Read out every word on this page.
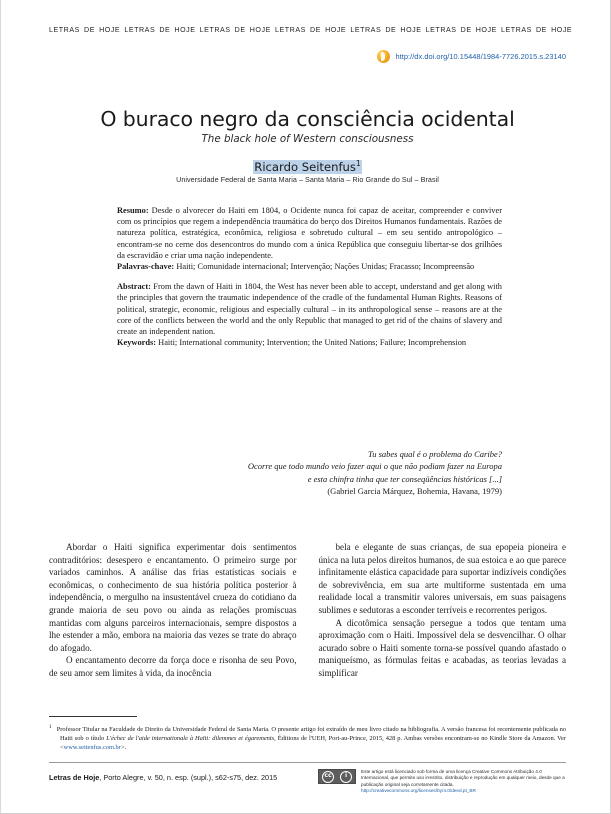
LETRAS DE HOJE LETRAS DE HOJE LETRAS DE HOJE LETRAS DE HOJE LETRAS DE HOJE LETRAS DE HOJE LETRAS DE HOJE
http://dx.doi.org/10.15448/1984-7726.2015.s.23140
O buraco negro da consciência ocidental
The black hole of Western consciousness
Ricardo Seitenfus$^1$
Universidade Federal de Santa Maria – Santa Maria – Rio Grande do Sul – Brasil

Resumo: Desde o alvorecer do Haiti em 1804, o Ocidente nunca foi capaz de aceitar, compreender e conviver com os princípios que regem a independência traumática do berço dos Direitos Humanos fundamentais. Razões de natureza política, estratégica, econômica, religiosa e sobretudo cultural – em seu sentido antropológico – encontram-se no cerne dos desencontros do mundo com a única República que conseguiu libertar-se dos grilhões da escravidão e criar uma nação independente.

Palavras-chave: Haiti; Comunidade internacional; Intervenção; Nações Unidas; Fracasso; Incompreensão

Abstract: From the dawn of Haiti in 1804, the West has never been able to accept, understand and get along with the principles that govern the traumatic independence of the cradle of the fundamental Human Rights. Reasons of political, strategic, economic, religious and especially cultural – in its anthropological sense – reasons are at the core of the conflicts between the world and the only Republic that managed to get rid of the chains of slavery and create an independent nation.

Keywords: Haiti; International community; Intervention; the United Nations; Failure; Incomprehension

Tu sabes qual é o problema do Caribe?
Ocorre que todo mundo veio fazer aqui o que não podiam fazer na Europa
e esta chinfra tinha que ter conseqüências históricas [...]
(Gabriel Garcia Márquez, Bohemia, Havana, 1979)

Abordar o Haiti significa experimentar dois sentimentos contraditórios: desespero e encantamento. O primeiro surge por variados caminhos. A análise das frias estatísticas sociais e econômicas, o conhecimento de sua história política posterior à independência, o mergulho na insustentável crueza do cotidiano da grande maioria de seu povo ou ainda as relações promíscuas mantidas com alguns parceiros internacionais, sempre dispostos a lhe estender a mão, embora na maioria das vezes se trate do abraço do afogado.

O encantamento decorre da força doce e risonha de seu Povo, de seu amor sem limites à vida, da inocência

bela e elegante de suas crianças, de sua epopeia pioneira e única na luta pelos direitos humanos, de sua estoica e ao que parece infinitamente elástica capacidade para suportar indizíveis condições de sobrevivência, em sua arte multiforme sustentada em uma realidade local a transmitir valores universais, em suas paisagens sublimes e sedutoras a esconder terríveis e recorrentes perigos.

A dicotômica sensação persegue a todos que tentam uma aproximação com o Haiti. Impossível dela se desvencilhar. O olhar acurado sobre o Haiti somente torna-se possível quando afastado o maniqueísmo, as fórmulas feitas e acabadas, as teorias levadas a simplificar

$^1$ Professor Titular na Faculdade de Direito da Universidade Federal de Santa Maria. O presente artigo foi extraído de meu livro citado na bibliografia. A versão francesa foi recentemente publicada no Haiti sob o título L'échec de l'aide internationale à Haïti: dilemmes et égarements, Éditions de l'UEH, Port-au-Prince, 2015, 428 p. Ambas versões encontram-se no Kindle Store da Amazon. Ver <www.seitenfus.com.br>.
Letras de Hoje, Porto Alegre, v. 50, n. esp. (supl.), s62-s75, dez. 2015	cc	i
Este artigo está licenciado sob forma de uma licença Creative Commons Atribuição 4.0 Internacional, que permite uso irrestrito, distribuição e reprodução em qualquer meio, desde que a publicação original seja corretamente citada. http://creativecommons.org/licenses/by/4.0/deed.pt_BR
